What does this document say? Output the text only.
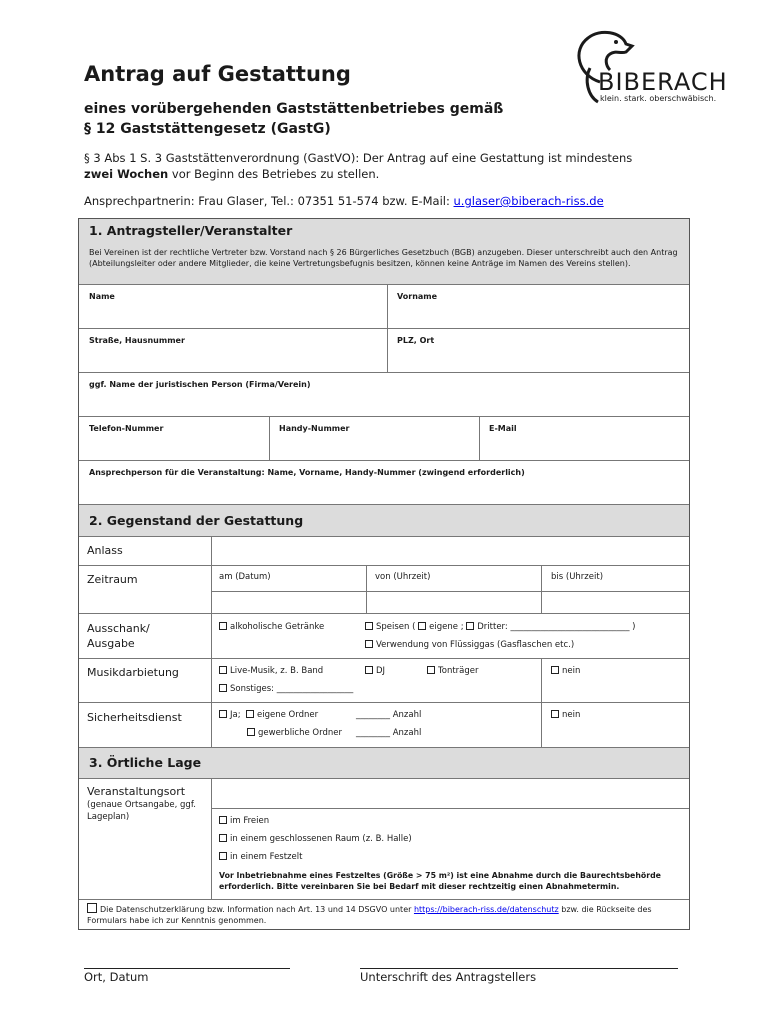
Antrag auf Gestattung
eines vorübergehenden Gaststättenbetriebes gemäß
§ 12 Gaststättengesetz (GastG)
BIBERACH
klein. stark. oberschwäbisch.
§ 3 Abs 1 S. 3 Gaststättenverordnung (GastVO): Der Antrag auf eine Gestattung ist mindestens
zwei Wochen vor Beginn des Betriebes zu stellen.
Ansprechpartnerin: Frau Glaser, Tel.: 07351 51-574 bzw. E-Mail: u.glaser@biberach-riss.de
1. Antragsteller/Veranstalter
Bei Vereinen ist der rechtliche Vertreter bzw. Vorstand nach § 26 Bürgerliches Gesetzbuch (BGB) anzugeben. Dieser unterschreibt auch den Antrag (Abteilungsleiter oder andere Mitglieder, die keine Vertretungsbefugnis besitzen, können keine Anträge im Namen des Vereins stellen).
Name	Vorname
Straße, Hausnummer	PLZ, Ort
ggf. Name der juristischen Person (Firma/Verein)
Telefon-Nummer	Handy-Nummer	E-Mail
Ansprechperson für die Veranstaltung: Name, Vorname, Handy-Nummer (zwingend erforderlich)
2. Gegenstand der Gestattung
Anlass
Zeitraum	am (Datum)	von (Uhrzeit)	bis (Uhrzeit)
Ausschank/
Ausgabe
alkoholische Getränke	Speisen ( eigene ; Dritter: ____________________________ )
Verwendung von Flüssiggas (Gasflaschen etc.)
Musikdarbietung	Live-Musik, z. B. Band	DJ	Tonträger	nein
Sonstiges: __________________
Sicherheitsdienst	Ja; eigene Ordner	________ Anzahl	nein
gewerbliche Ordner ________ Anzahl
3. Örtliche Lage
Veranstaltungsort
(genaue Ortsangabe, ggf. Lageplan)	im Freien
in einem geschlossenen Raum (z. B. Halle)
in einem Festzelt
Vor Inbetriebnahme eines Festzeltes (Größe > 75 m²) ist eine Abnahme durch die Baurechtsbehörde erforderlich. Bitte vereinbaren Sie bei Bedarf mit dieser rechtzeitig einen Abnahmetermin.
Die Datenschutzerklärung bzw. Information nach Art. 13 und 14 DSGVO unter https://biberach-riss.de/datenschutz bzw. die Rückseite des Formulars habe ich zur Kenntnis genommen.
Ort, Datum	Unterschrift des Antragstellers
